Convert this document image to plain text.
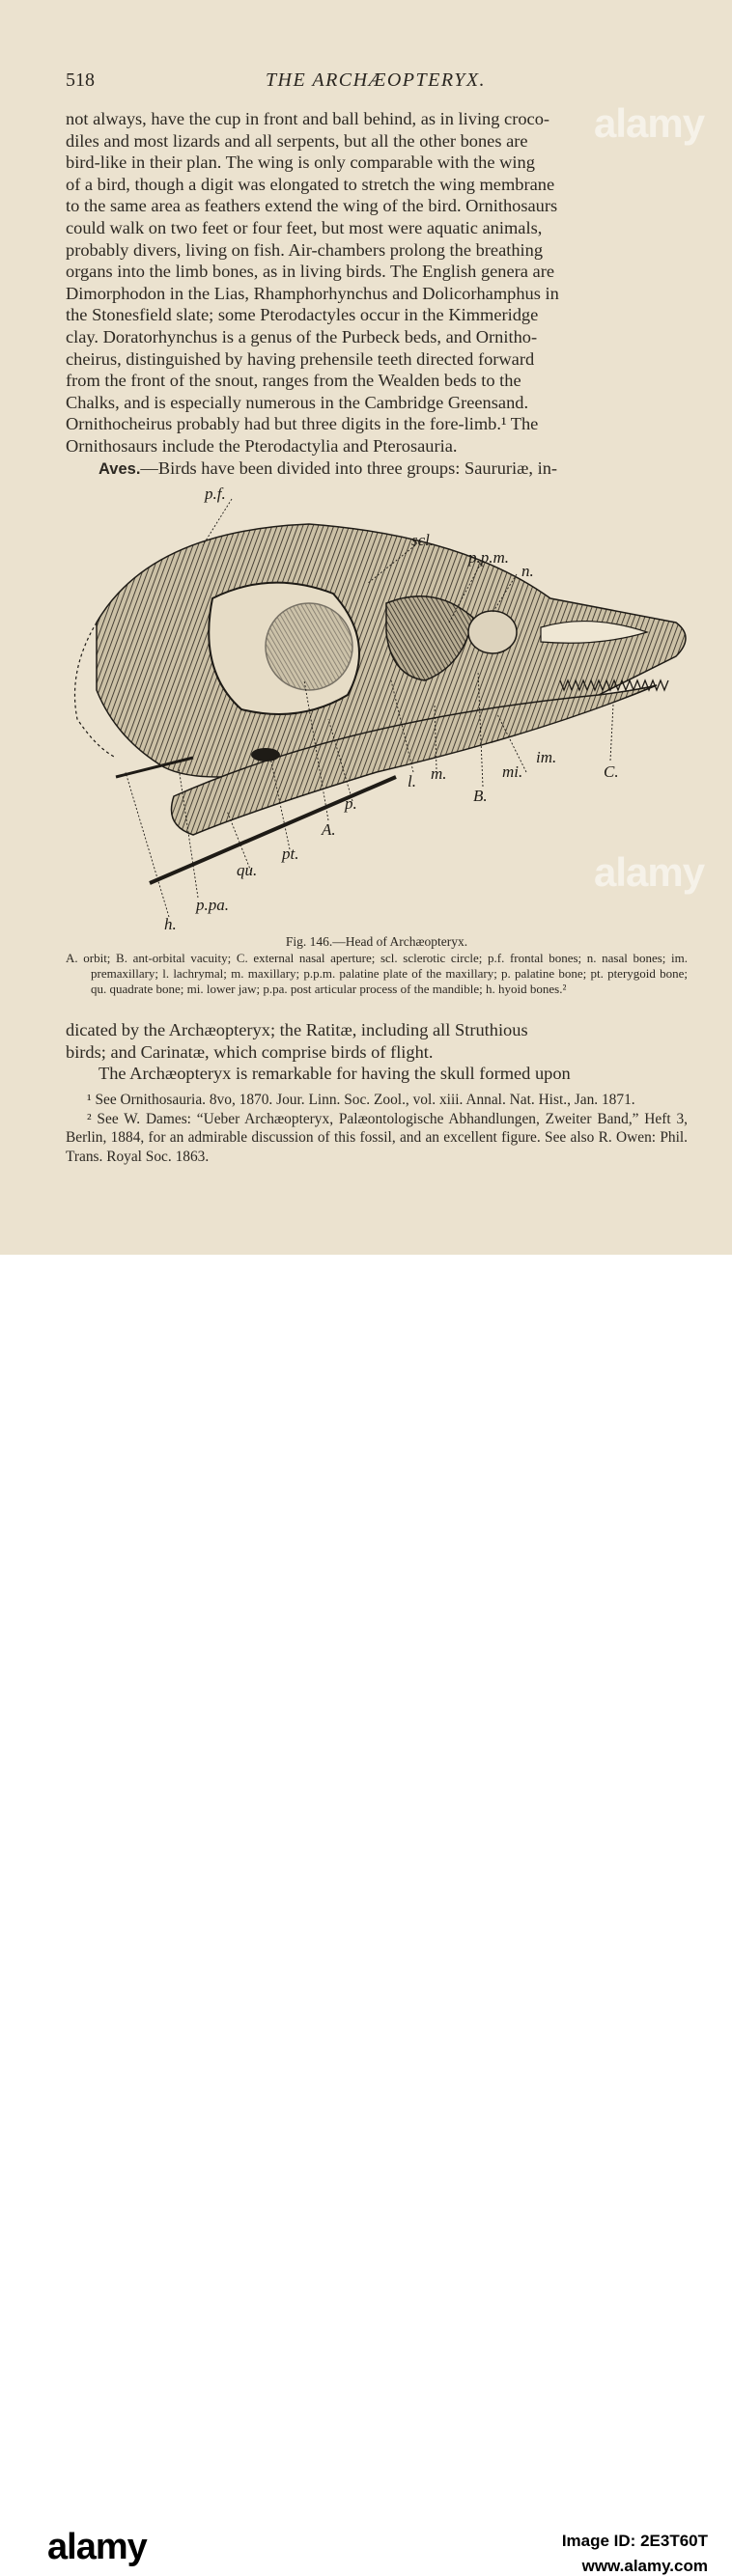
518	THE ARCHÆOPTERYX.

not always, have the cup in front and ball behind, as in living croco-

diles and most lizards and all serpents, but all the other bones are

bird-like in their plan. The wing is only comparable with the wing

of a bird, though a digit was elongated to stretch the wing membrane

to the same area as feathers extend the wing of the bird. Ornithosaurs

could walk on two feet or four feet, but most were aquatic animals,

probably divers, living on fish. Air-chambers prolong the breathing

organs into the limb bones, as in living birds. The English genera are

Dimorphodon in the Lias, Rhamphorhynchus and Dolicorhamphus in

the Stonesfield slate; some Pterodactyles occur in the Kimmeridge

clay. Doratorhynchus is a genus of the Purbeck beds, and Ornitho-

cheirus, distinguished by having prehensile teeth directed forward

from the front of the snout, ranges from the Wealden beds to the

Chalks, and is especially numerous in the Cambridge Greensand.

Ornithocheirus probably had but three digits in the fore-limb.¹ The

Ornithosaurs include the Pterodactylia and Pterosauria.

Aves.—Birds have been divided into three groups: Saururiæ, in-

p.f.
scl.
p.p.m.
n.
im.
mi.	C.
B.
l. m.
p.
A.
pt.
qu.
p.pa.
h.
Fig. 146.—Head of Archæopteryx.
A. orbit; B. ant-orbital vacuity; C. external nasal aperture; scl. sclerotic circle; p.f. frontal bones; n. nasal bones; im. premaxillary; l. lachrymal; m. maxillary; p.p.m. palatine plate of the maxillary; p. palatine bone; pt. pterygoid bone; qu. quadrate bone; mi. lower jaw; p.pa. post articular process of the mandible; h. hyoid bones.²

dicated by the Archæopteryx; the Ratitæ, including all Struthious

birds; and Carinatæ, which comprise birds of flight.

The Archæopteryx is remarkable for having the skull formed upon

¹ See Ornithosauria. 8vo, 1870. Jour. Linn. Soc. Zool., vol. xiii. Annal. Nat. Hist., Jan. 1871.

² See W. Dames: “Ueber Archæopteryx, Palæontologische Abhandlungen, Zweiter Band,” Heft 3, Berlin, 1884, for an admirable discussion of this fossil, and an excellent figure. See also R. Owen: Phil. Trans. Royal Soc. 1863.

alamy
alamy
alamy	Image ID: 2E3T60T
www.alamy.com
